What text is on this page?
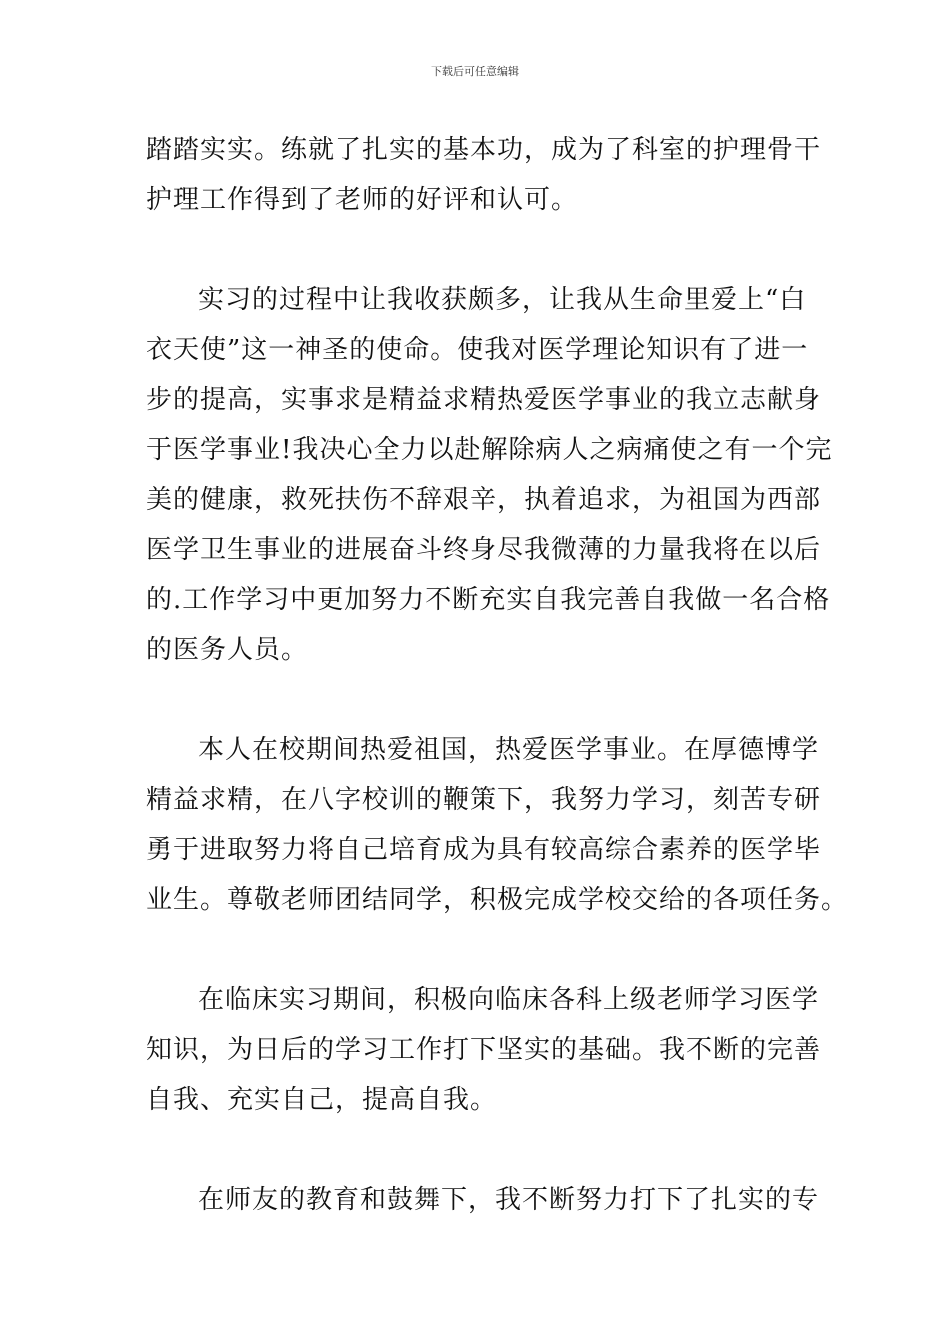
下载后可任意编辑
踏踏实实。练就了扎实的基本功，成为了科室的护理骨干
护理工作得到了老师的好评和认可。
实习的过程中让我收获颇多，让我从生命里爱上“白
衣天使”这一神圣的使命。使我对医学理论知识有了进一
步的提高，实事求是精益求精热爱医学事业的我立志献身
于医学事业!我决心全力以赴解除病人之病痛使之有一个完
美的健康，救死扶伤不辞艰辛，执着追求，为祖国为西部
医学卫生事业的进展奋斗终身尽我微薄的力量我将在以后
的.工作学习中更加努力不断充实自我完善自我做一名合格
的医务人员。
本人在校期间热爱祖国，热爱医学事业。在厚德博学
精益求精，在八字校训的鞭策下，我努力学习，刻苦专研
勇于进取努力将自己培育成为具有较高综合素养的医学毕
业生。尊敬老师团结同学，积极完成学校交给的各项任务。
在临床实习期间，积极向临床各科上级老师学习医学
知识，为日后的学习工作打下坚实的基础。我不断的完善
自我、充实自己，提高自我。
在师友的教育和鼓舞下，我不断努力打下了扎实的专
